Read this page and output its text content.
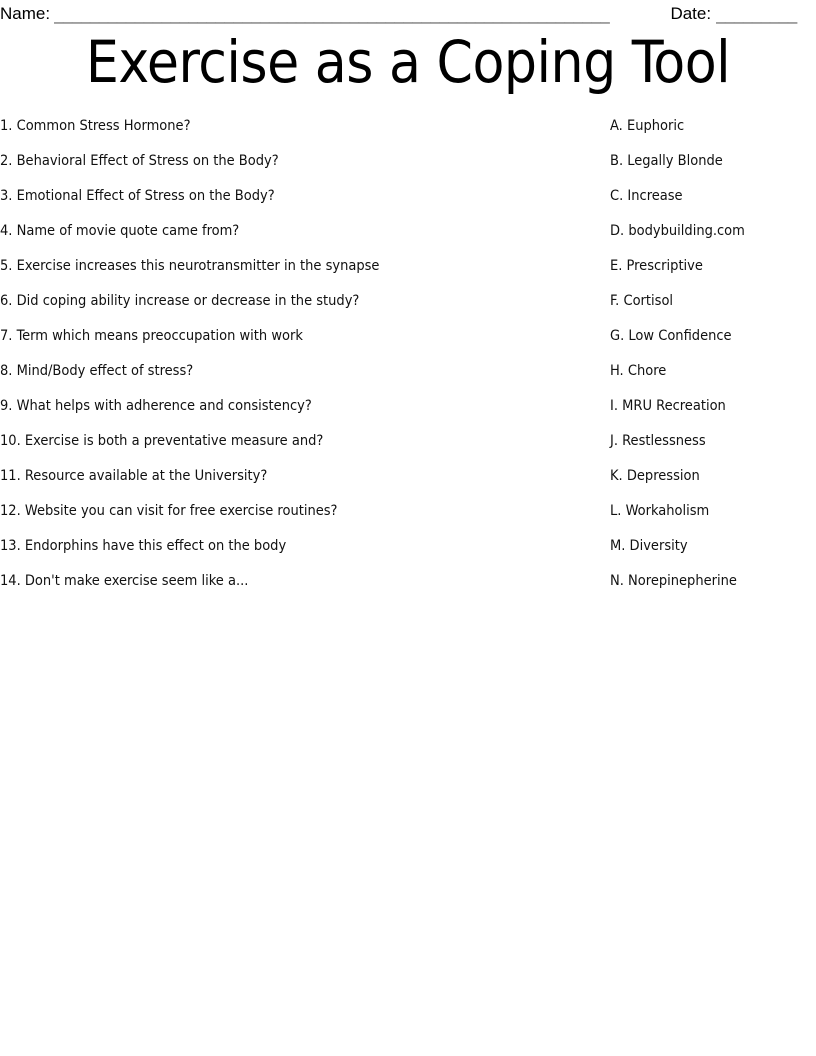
Name: ______________________________________________________________	Date: _________
Exercise as a Coping Tool
1. Common Stress Hormone?
2. Behavioral Effect of Stress on the Body?
3. Emotional Effect of Stress on the Body?
4. Name of movie quote came from?
5. Exercise increases this neurotransmitter in the synapse
6. Did coping ability increase or decrease in the study?
7. Term which means preoccupation with work
8. Mind/Body effect of stress?
9. What helps with adherence and consistency?
10. Exercise is both a preventative measure and?
11. Resource available at the University?
12. Website you can visit for free exercise routines?
13. Endorphins have this effect on the body
14. Don't make exercise seem like a...
A. Euphoric
B. Legally Blonde
C. Increase
D. bodybuilding.com
E. Prescriptive
F. Cortisol
G. Low Confidence
H. Chore
I. MRU Recreation
J. Restlessness
K. Depression
L. Workaholism
M. Diversity
N. Norepinepherine
